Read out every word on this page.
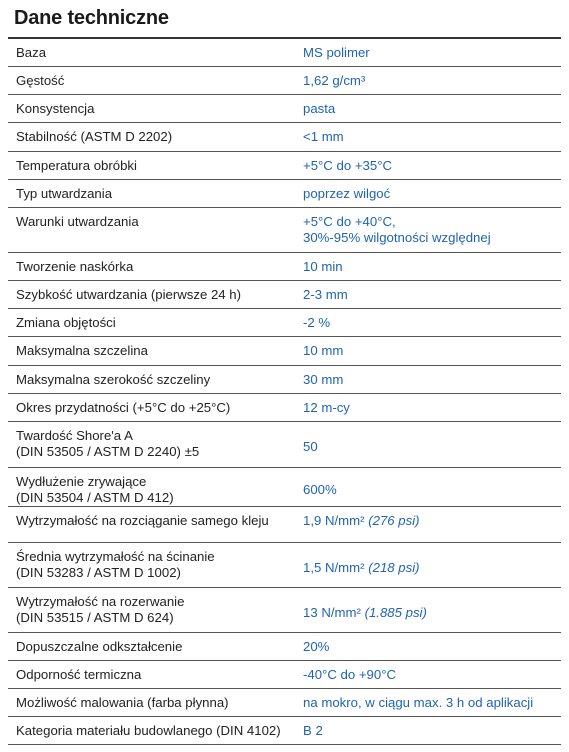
Dane techniczne
Baza	MS polimer
Gęstość	1,62 g/cm³
Konsystencja	pasta
Stabilność (ASTM D 2202)	<1 mm
Temperatura obróbki	+5°C do +35°C
Typ utwardzania	poprzez wilgoć
Warunki utwardzania	+5°C do +40°C,
30%-95% wilgotności względnej
Tworzenie naskórka	10 min
Szybkość utwardzania (pierwsze 24 h)	2-3 mm
Zmiana objętości	-2 %
Maksymalna szczelina	10 mm
Maksymalna szerokość szczeliny	30 mm
Okres przydatności (+5°C do +25°C)	12 m-cy
Twardość Shore'a A
(DIN 53505 / ASTM D 2240) ±5	50
Wydłużenie zrywające
(DIN 53504 / ASTM D 412)	600%
Wytrzymałość na rozciąganie samego kleju	1,9 N/mm² (276 psi)
Średnia wytrzymałość na ścinanie
(DIN 53283 / ASTM D 1002)	1,5 N/mm² (218 psi)
Wytrzymałość na rozerwanie
(DIN 53515 / ASTM D 624)	13 N/mm² (1.885 psi)
Dopuszczalne odkształcenie	20%
Odporność termiczna	-40°C do +90°C
Możliwość malowania (farba płynna)	na mokro, w ciągu max. 3 h od aplikacji
Kategoria materiału budowlanego (DIN 4102)	B 2
